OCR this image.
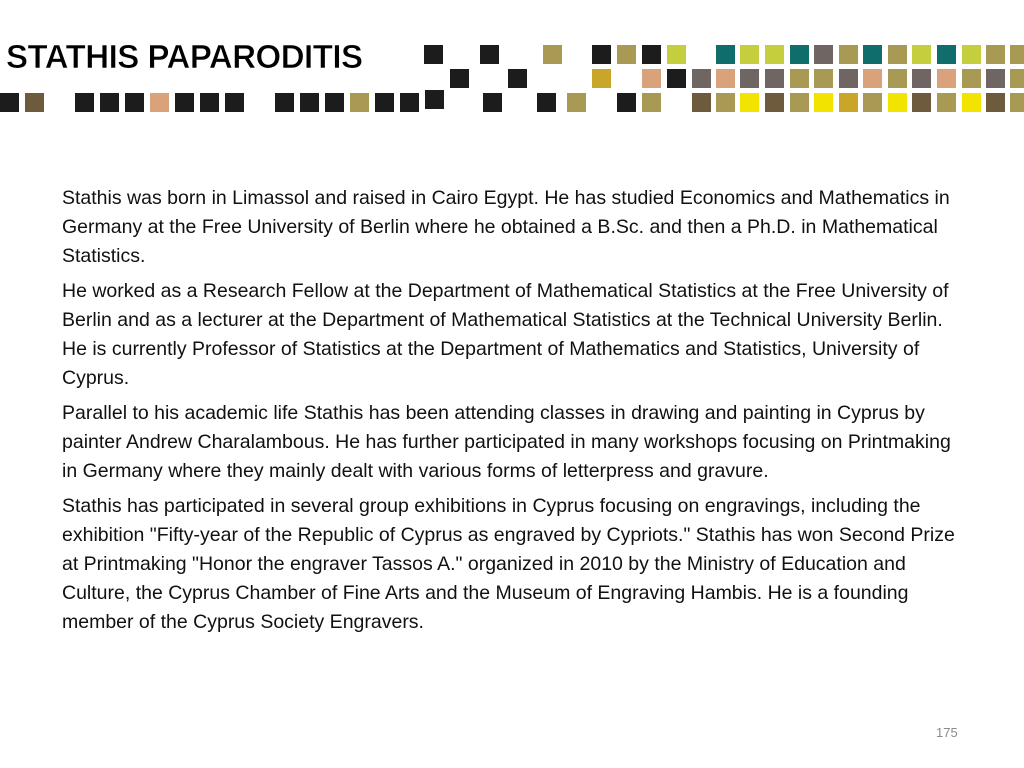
STATHIS PAPARODITIS

Stathis was born in Limassol and raised in Cairo Egypt. He has studied Economics and Mathematics in Germany at the Free University of Berlin where he obtained a B.Sc. and then a Ph.D. in Mathematical Statistics.

He worked as a Research Fellow at the Department of Mathematical Statistics at the Free University of Berlin and as a lecturer at the Department of Mathematical Statistics at the Technical University Berlin. He is currently Professor of Statistics at the Department of Mathematics and Statistics, University of Cyprus.

Parallel to his academic life Stathis has been attending classes in drawing and painting in Cyprus by painter Andrew Charalambous. He has further participated in many workshops focusing on Printmaking in Germany where they mainly dealt with various forms of letterpress and gravure.

Stathis has participated in several group exhibitions in Cyprus focusing on engravings, including the exhibition "Fifty-year of the Republic of Cyprus as engraved by Cypriots." Stathis has won Second Prize at Printmaking "Honor the engraver Tassos A." organized in 2010 by the Ministry of Education and Culture, the Cyprus Chamber of Fine Arts and the Museum of Engraving Hambis. He is a founding member of the Cyprus Society Engravers.

175
